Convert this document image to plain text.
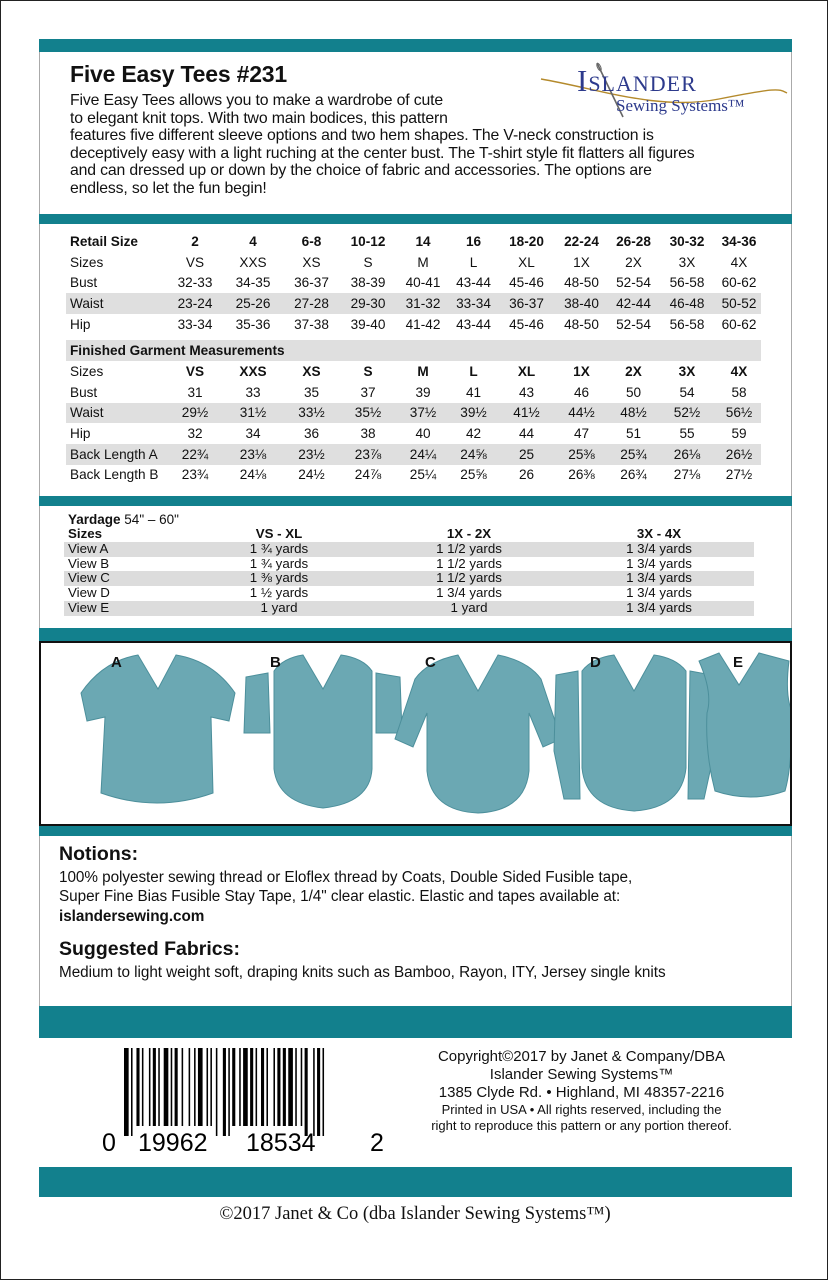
Five Easy Tees #231
Five Easy Tees allows you to make a wardrobe of cute
to elegant knit tops. With two main bodices, this pattern
features five different sleeve options and two hem shapes. The V-neck construction is
deceptively easy with a light ruching at the center bust. The T-shirt style fit flatters all figures
and can dressed up or down by the choice of fabric and accessories. The options are
endless, so let the fun begin!
Islander
Sewing Systems™
Retail Size	2	4	6-8	10-12	14	16	18-20	22-24	26-28	30-32	34-36
Sizes	VS	XXS	XS	S	M	L	XL	1X	2X	3X	4X
Bust	32-33	34-35	36-37	38-39	40-41	43-44	45-46	48-50	52-54	56-58	60-62
Waist	23-24	25-26	27-28	29-30	31-32	33-34	36-37	38-40	42-44	46-48	50-52
Hip	33-34	35-36	37-38	39-40	41-42	43-44	45-46	48-50	52-54	56-58	60-62

Finished Garment Measurements											
Sizes	VS	XXS	XS	S	M	L	XL	1X	2X	3X	4X
Bust	31	33	35	37	39	41	43	46	50	54	58
Waist	29½	31½	33½	35½	37½	39½	41½	44½	48½	52½	56½
Hip	32	34	36	38	40	42	44	47	51	55	59
Back Length A	22¾	23⅛	23½	23⅞	24¼	24⅝	25	25⅜	25¾	26⅛	26½
Back Length B	23¾	24⅛	24½	24⅞	25¼	25⅝	26	26⅜	26¾	27⅛	27½
Yardage 54" – 60"
Sizes	VS - XL	1X - 2X	3X - 4X
View A	1 ¾ yards	1 1/2 yards	1 3/4 yards
View B	1 ¾ yards	1 1/2 yards	1 3/4 yards
View C	1 ⅜ yards	1 1/2 yards	1 3/4 yards
View D	1 ½ yards	1 3/4 yards	1 3/4 yards
View E	1 yard	1 yard	1 3/4 yards
A	B	C	D	E
Notions:

100% polyester sewing thread or Eloflex thread by Coats, Double Sided Fusible tape,

Super Fine Bias Fusible Stay Tape, 1/4" clear elastic. Elastic and tapes available at:

islandersewing.com

Suggested Fabrics:

Medium to light weight soft, draping knits such as Bamboo, Rayon, ITY, Jersey single knits

0 19962 18534 2
Copyright©2017 by Janet & Company/DBA
Islander Sewing Systems™
1385 Clyde Rd. • Highland, MI 48357-2216
Printed in USA • All rights reserved, including the
right to reproduce this pattern or any portion thereof.
©2017 Janet & Co (dba Islander Sewing Systems™)
